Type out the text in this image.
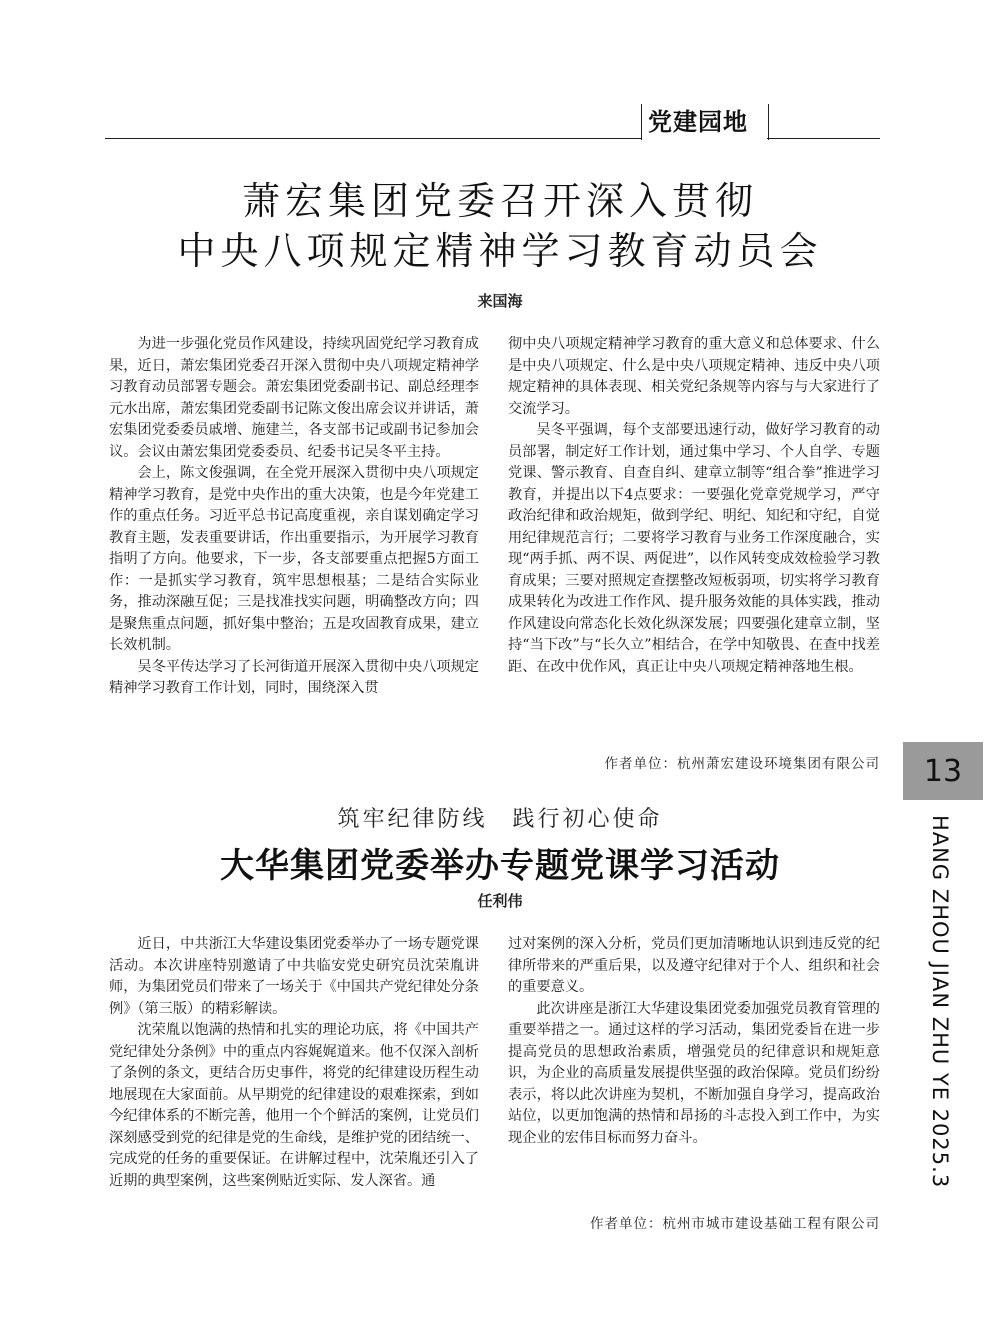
党建园地
萧宏集团党委召开深入贯彻
中央八项规定精神学习教育动员会
来国海

为进一步强化党员作风建设，持续巩固党纪学习教育成果，近日，萧宏集团党委召开深入贯彻中央八项规定精神学习教育动员部署专题会。萧宏集团党委副书记、副总经理李元水出席，萧宏集团党委副书记陈文俊出席会议并讲话，萧宏集团党委委员戚增、施建兰，各支部书记或副书记参加会议。会议由萧宏集团党委委员、纪委书记吴冬平主持。

会上，陈文俊强调，在全党开展深入贯彻中央八项规定精神学习教育，是党中央作出的重大决策，也是今年党建工作的重点任务。习近平总书记高度重视，亲自谋划确定学习教育主题，发表重要讲话，作出重要指示，为开展学习教育指明了方向。他要求，下一步，各支部要重点把握5方面工作：一是抓实学习教育，筑牢思想根基；二是结合实际业务，推动深融互促；三是找准找实问题，明确整改方向；四是聚焦重点问题，抓好集中整治；五是攻固教育成果，建立长效机制。

吴冬平传达学习了长河街道开展深入贯彻中央八项规定精神学习教育工作计划，同时，围绕深入贯

彻中央八项规定精神学习教育的重大意义和总体要求、什么是中央八项规定、什么是中央八项规定精神、违反中央八项规定精神的具体表现、相关党纪条规等内容与与大家进行了交流学习。

吴冬平强调，每个支部要迅速行动，做好学习教育的动员部署，制定好工作计划，通过集中学习、个人自学、专题党课、警示教育、自查自纠、建章立制等“组合拳”推进学习教育，并提出以下4点要求：一要强化党章党规学习，严守政治纪律和政治规矩，做到学纪、明纪、知纪和守纪，自觉用纪律规范言行；二要将学习教育与业务工作深度融合，实现“两手抓、两不误、两促进”，以作风转变成效检验学习教育成果；三要对照规定查摆整改短板弱项，切实将学习教育成果转化为改进工作作风、提升服务效能的具体实践，推动作风建设向常态化长效化纵深发展；四要强化建章立制，坚持“当下改”与“长久立”相结合，在学中知敬畏、在查中找差距、在改中优作风，真正让中央八项规定精神落地生根。

作者单位：杭州萧宏建设环境集团有限公司
筑牢纪律防线　践行初心使命
大华集团党委举办专题党课学习活动
任利伟

近日，中共浙江大华建设集团党委举办了一场专题党课活动。本次讲座特别邀请了中共临安党史研究员沈荣胤讲师，为集团党员们带来了一场关于《中国共产党纪律处分条例》（第三版）的精彩解读。

沈荣胤以饱满的热情和扎实的理论功底，将《中国共产党纪律处分条例》中的重点内容娓娓道来。他不仅深入剖析了条例的条文，更结合历史事件，将党的纪律建设历程生动地展现在大家面前。从早期党的纪律建设的艰难探索，到如今纪律体系的不断完善，他用一个个鲜活的案例，让党员们深刻感受到党的纪律是党的生命线，是维护党的团结统一、完成党的任务的重要保证。在讲解过程中，沈荣胤还引入了近期的典型案例，这些案例贴近实际、发人深省。通

过对案例的深入分析，党员们更加清晰地认识到违反党的纪律所带来的严重后果，以及遵守纪律对于个人、组织和社会的重要意义。

此次讲座是浙江大华建设集团党委加强党员教育管理的重要举措之一。通过这样的学习活动，集团党委旨在进一步提高党员的思想政治素质，增强党员的纪律意识和规矩意识，为企业的高质量发展提供坚强的政治保障。党员们纷纷表示，将以此次讲座为契机，不断加强自身学习，提高政治站位，以更加饱满的热情和昂扬的斗志投入到工作中，为实现企业的宏伟目标而努力奋斗。

作者单位：杭州市城市建设基础工程有限公司
13
HANG ZHOU JIAN ZHU YE 2025.3
